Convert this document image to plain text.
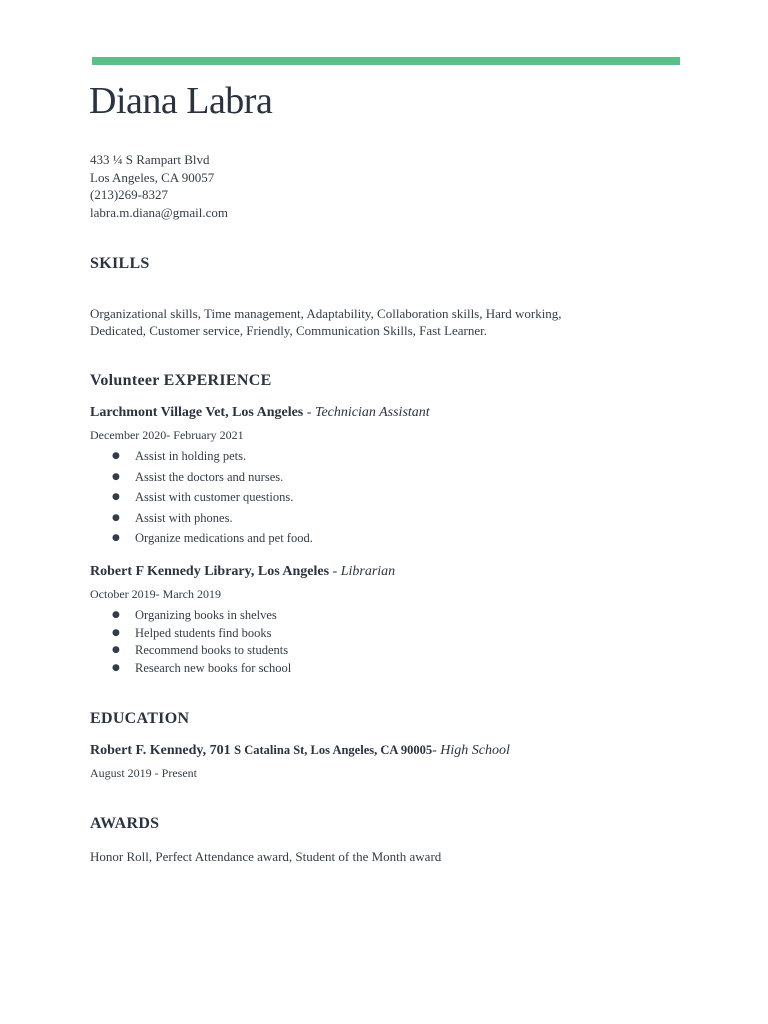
Diana Labra
433 ¼ S Rampart Blvd
Los Angeles, CA 90057
(213)269-8327
labra.m.diana@gmail.com
SKILLS
Organizational skills, Time management, Adaptability, Collaboration skills, Hard working, Dedicated, Customer service, Friendly, Communication Skills, Fast Learner.
Volunteer EXPERIENCE
Larchmont Village Vet, Los Angeles - Technician Assistant
December 2020- February 2021
● Assist in holding pets.
● Assist the doctors and nurses.
● Assist with customer questions.
● Assist with phones.
● Organize medications and pet food.
Robert F Kennedy Library, Los Angeles - Librarian
October 2019- March 2019
● Organizing books in shelves
● Helped students find books
● Recommend books to students
● Research new books for school
EDUCATION
Robert F. Kennedy, 701 S Catalina St, Los Angeles, CA 90005- High School
August 2019 - Present
AWARDS
Honor Roll, Perfect Attendance award, Student of the Month award
